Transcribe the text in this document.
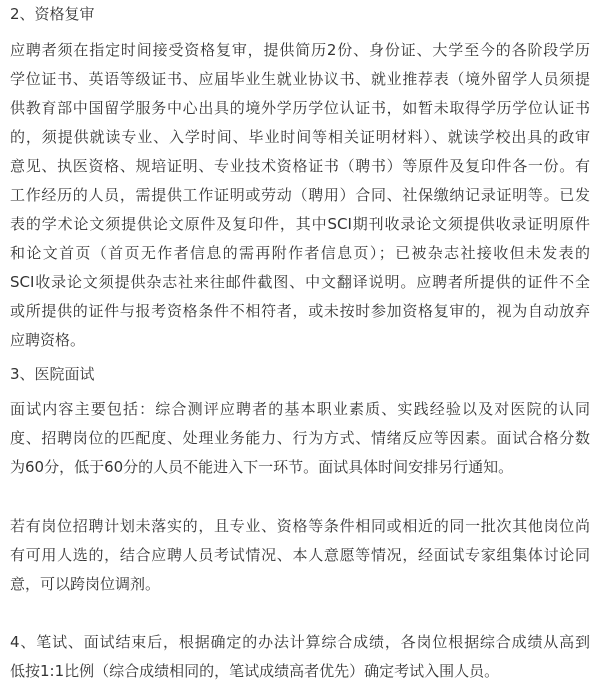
2、资格复审
应聘者须在指定时间接受资格复审，提供简历2份、身份证、大学至今的各阶段学历
学位证书、英语等级证书、应届毕业生就业协议书、就业推荐表（境外留学人员须提
供教育部中国留学服务中心出具的境外学历学位认证书，如暂未取得学历学位认证书
的，须提供就读专业、入学时间、毕业时间等相关证明材料）、就读学校出具的政审
意见、执医资格、规培证明、专业技术资格证书（聘书）等原件及复印件各一份。有
工作经历的人员，需提供工作证明或劳动（聘用）合同、社保缴纳记录证明等。已发
表的学术论文须提供论文原件及复印件，其中SCI期刊收录论文须提供收录证明原件
和论文首页（首页无作者信息的需再附作者信息页）；已被杂志社接收但未发表的
SCI收录论文须提供杂志社来往邮件截图、中文翻译说明。应聘者所提供的证件不全
或所提供的证件与报考资格条件不相符者，或未按时参加资格复审的，视为自动放弃
应聘资格。
3、医院面试
面试内容主要包括：综合测评应聘者的基本职业素质、实践经验以及对医院的认同
度、招聘岗位的匹配度、处理业务能力、行为方式、情绪反应等因素。面试合格分数
为60分，低于60分的人员不能进入下一环节。面试具体时间安排另行通知。
若有岗位招聘计划未落实的，且专业、资格等条件相同或相近的同一批次其他岗位尚
有可用人选的，结合应聘人员考试情况、本人意愿等情况，经面试专家组集体讨论同
意，可以跨岗位调剂。
4、笔试、面试结束后，根据确定的办法计算综合成绩，各岗位根据综合成绩从高到
低按1:1比例（综合成绩相同的，笔试成绩高者优先）确定考试入围人员。
